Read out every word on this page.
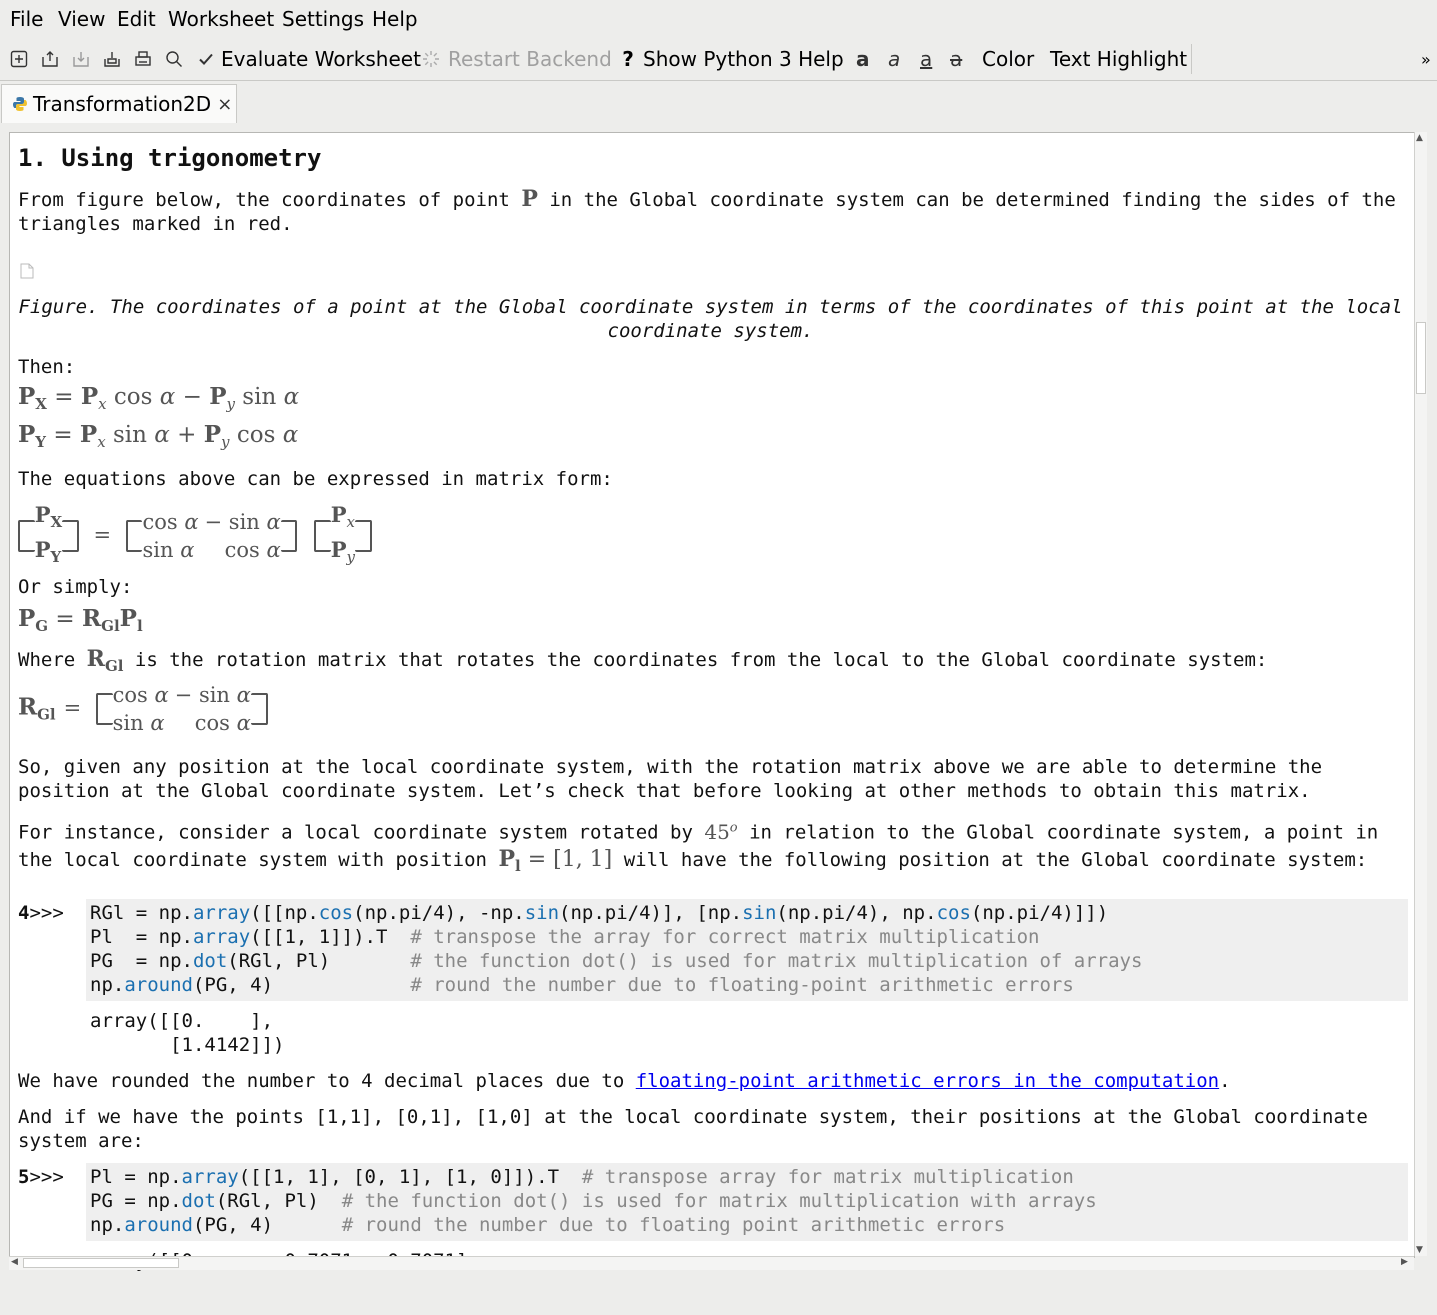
File View Edit Worksheet Settings Help
Evaluate Worksheet Restart Backend ? Show Python 3 Help a a a a Color Text Highlight	»
Transformation2D ×
1. Using trigonometry
From figure below, the coordinates of point P in the Global coordinate system can be determined finding the sides of the triangles marked in red.
Figure. The coordinates of a point at the Global coordinate system in terms of the coordinates of this point at the local coordinate system.
Then:
$P_X = P_x$ $\cos \alpha - P_y$ sin α
$P_Y = P_x$ $\sin \alpha + P_y$ cos α
The equations above can be expressed in matrix form:

$P_X$
$P_Y$

=

cos α − sin α
sin α cos α

$P_x$
$P_y$

Or simply:
$P_G = R_{Gl}P_l$
Where $R_{Gl}$ is the rotation matrix that rotates the coordinates from the local to the Global coordinate system:
$R_{Gl}$ =

cos α − sin α
sin α cos α

So, given any position at the local coordinate system, with the rotation matrix above we are able to determine the position at the Global coordinate system. Let’s check that before looking at other methods to obtain this matrix.
For instance, consider a local coordinate system rotated by 45$^o$ in relation to the Global coordinate system, a point in the local coordinate system with position $P_l = [1$, 1] will have the following position at the Global coordinate system:
4>>> RGl = np.array([[np.cos(np.pi/4), -np.sin(np.pi/4)], [np.sin(np.pi/4), np.cos(np.pi/4)]])
Pl  = np.array([[1, 1]]).T  # transpose the array for correct matrix multiplication
PG  = np.dot(RGl, Pl)       # the function dot() is used for matrix multiplication of arrays
np.around(PG, 4)            # round the number due to floating-point arithmetic errors
array([[0.    ],
[1.4142]])
We have rounded the number to 4 decimal places due to floating-point arithmetic errors in the computation.
And if we have the points [1,1], [0,1], [1,0] at the local coordinate system, their positions at the Global coordinate system are:
5>>> Pl = np.array([[1, 1], [0, 1], [1, 0]]).T  # transpose array for matrix multiplication
PG = np.dot(RGl, Pl)  # the function dot() is used for matrix multiplication with arrays
np.around(PG, 4)      # round the number due to floating point arithmetic errors
▲
▼
◀	▶
